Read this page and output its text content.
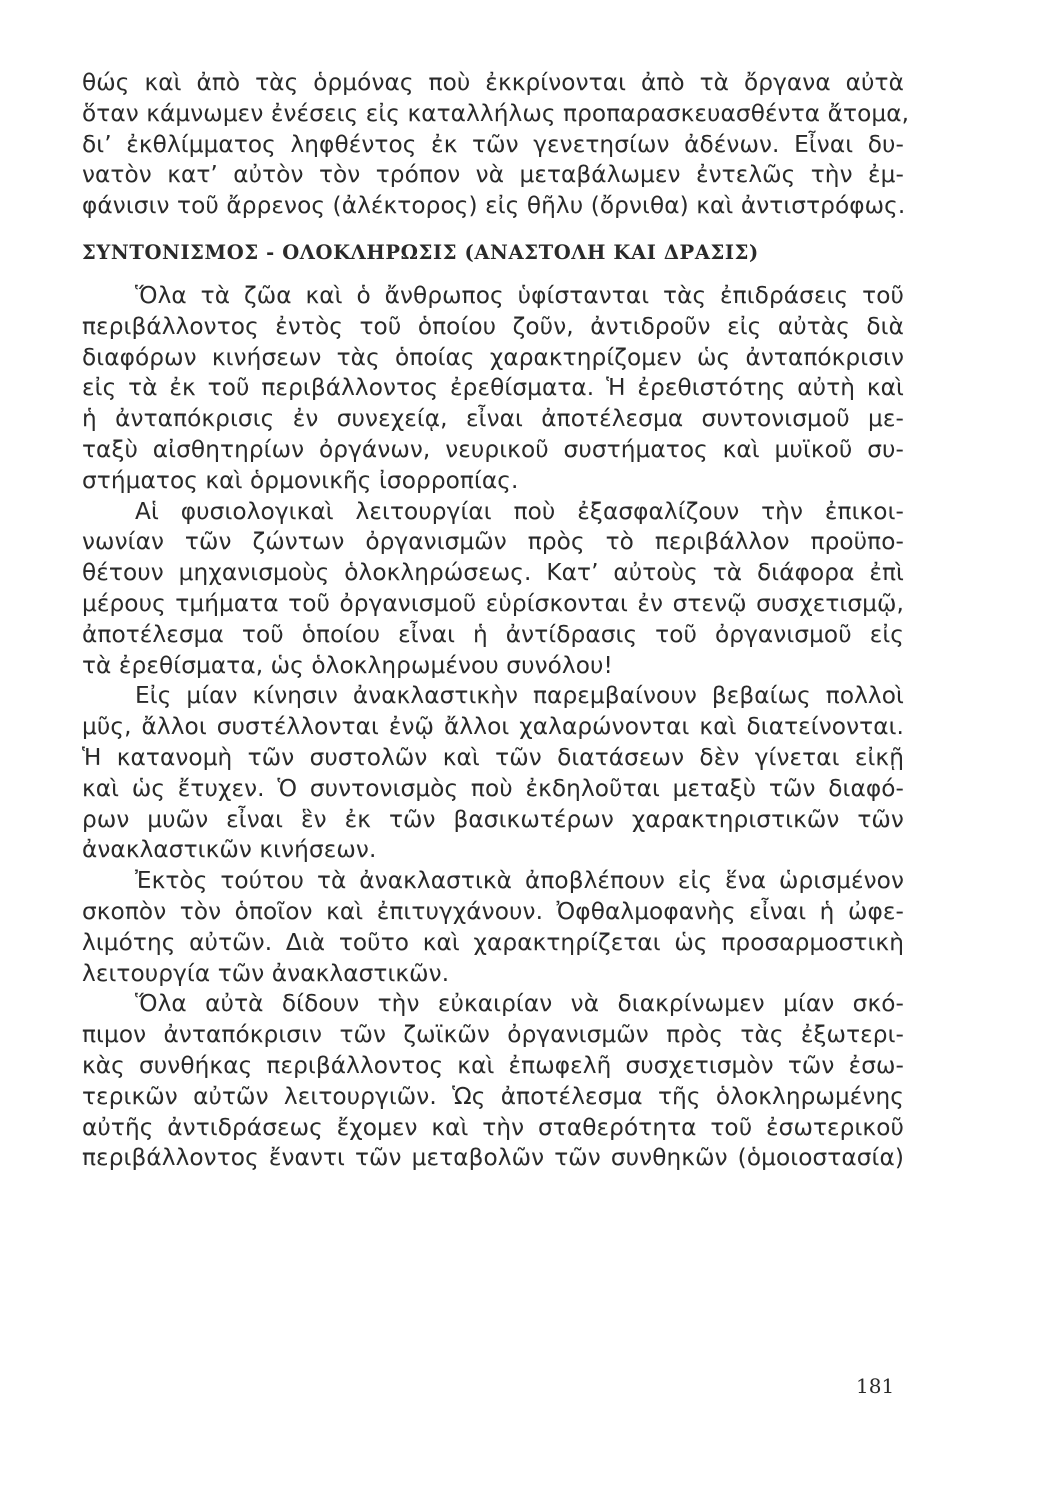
θώς καὶ ἀπὸ τὰς ὁρμόνας ποὺ ἐκκρίνονται ἀπὸ τὰ ὄργανα αὐτὰ
ὅταν κάμνωμεν ἐνέσεις εἰς καταλλήλως προπαρασκευασθέντα ἄτομα,
δι’ ἐκθλίμματος ληφθέντος ἐκ τῶν γενετησίων ἀδένων. Εἶναι δυ-
νατὸν κατ’ αὐτὸν τὸν τρόπον νὰ μεταβάλωμεν ἐντελῶς τὴν ἐμ-
φάνισιν τοῦ ἄρρενος (ἀλέκτορος) εἰς θῆλυ (ὄρνιθα) καὶ ἀντιστρόφως.
ΣΥΝΤΟΝΙΣΜΟΣ - ΟΛΟΚΛΗΡΩΣΙΣ (ΑΝΑΣΤΟΛΗ ΚΑΙ ΔΡΑΣΙΣ)
Ὅλα τὰ ζῶα καὶ ὁ ἄνθρωπος ὑφίστανται τὰς ἐπιδράσεις τοῦ
περιβάλλοντος ἐντὸς τοῦ ὁποίου ζοῦν, ἀντιδροῦν εἰς αὐτὰς διὰ
διαφόρων κινήσεων τὰς ὁποίας χαρακτηρίζομεν ὡς ἀνταπόκρισιν
εἰς τὰ ἐκ τοῦ περιβάλλοντος ἐρεθίσματα. Ἡ ἐρεθιστότης αὐτὴ καὶ
ἡ ἀνταπόκρισις ἐν συνεχείᾳ, εἶναι ἀποτέλεσμα συντονισμοῦ με-
ταξὺ αἰσθητηρίων ὀργάνων, νευρικοῦ συστήματος καὶ μυϊκοῦ συ-
στήματος καὶ ὁρμονικῆς ἰσορροπίας.
Αἱ φυσιολογικαὶ λειτουργίαι ποὺ ἐξασφαλίζουν τὴν ἐπικοι-
νωνίαν τῶν ζώντων ὀργανισμῶν πρὸς τὸ περιβάλλον προϋπο-
θέτουν μηχανισμοὺς ὁλοκληρώσεως. Κατ’ αὐτοὺς τὰ διάφορα ἐπὶ
μέρους τμήματα τοῦ ὀργανισμοῦ εὑρίσκονται ἐν στενῷ συσχετισμῷ,
ἀποτέλεσμα τοῦ ὁποίου εἶναι ἡ ἀντίδρασις τοῦ ὀργανισμοῦ εἰς
τὰ ἐρεθίσματα, ὡς ὁλοκληρωμένου συνόλου!
Εἰς μίαν κίνησιν ἀνακλαστικὴν παρεμβαίνουν βεβαίως πολλοὶ
μῦς, ἄλλοι συστέλλονται ἐνῷ ἄλλοι χαλαρώνονται καὶ διατείνονται.
Ἡ κατανομὴ τῶν συστολῶν καὶ τῶν διατάσεων δὲν γίνεται εἰκῇ
καὶ ὡς ἔτυχεν. Ὁ συντονισμὸς ποὺ ἐκδηλοῦται μεταξὺ τῶν διαφό-
ρων μυῶν εἶναι ἓν ἐκ τῶν βασικωτέρων χαρακτηριστικῶν τῶν
ἀνακλαστικῶν κινήσεων.
Ἐκτὸς τούτου τὰ ἀνακλαστικὰ ἀποβλέπουν εἰς ἕνα ὡρισμένον
σκοπὸν τὸν ὁποῖον καὶ ἐπιτυγχάνουν. Ὀφθαλμοφανὴς εἶναι ἡ ὠφε-
λιμότης αὐτῶν. Διὰ τοῦτο καὶ χαρακτηρίζεται ὡς προσαρμοστικὴ
λειτουργία τῶν ἀνακλαστικῶν.
Ὅλα αὐτὰ δίδουν τὴν εὐκαιρίαν νὰ διακρίνωμεν μίαν σκό-
πιμον ἀνταπόκρισιν τῶν ζωϊκῶν ὀργανισμῶν πρὸς τὰς ἐξωτερι-
κὰς συνθήκας περιβάλλοντος καὶ ἐπωφελῆ συσχετισμὸν τῶν ἐσω-
τερικῶν αὐτῶν λειτουργιῶν. Ὡς ἀποτέλεσμα τῆς ὁλοκληρωμένης
αὐτῆς ἀντιδράσεως ἔχομεν καὶ τὴν σταθερότητα τοῦ ἐσωτερικοῦ
περιβάλλοντος ἔναντι τῶν μεταβολῶν τῶν συνθηκῶν (ὁμοιοστασία)
181
